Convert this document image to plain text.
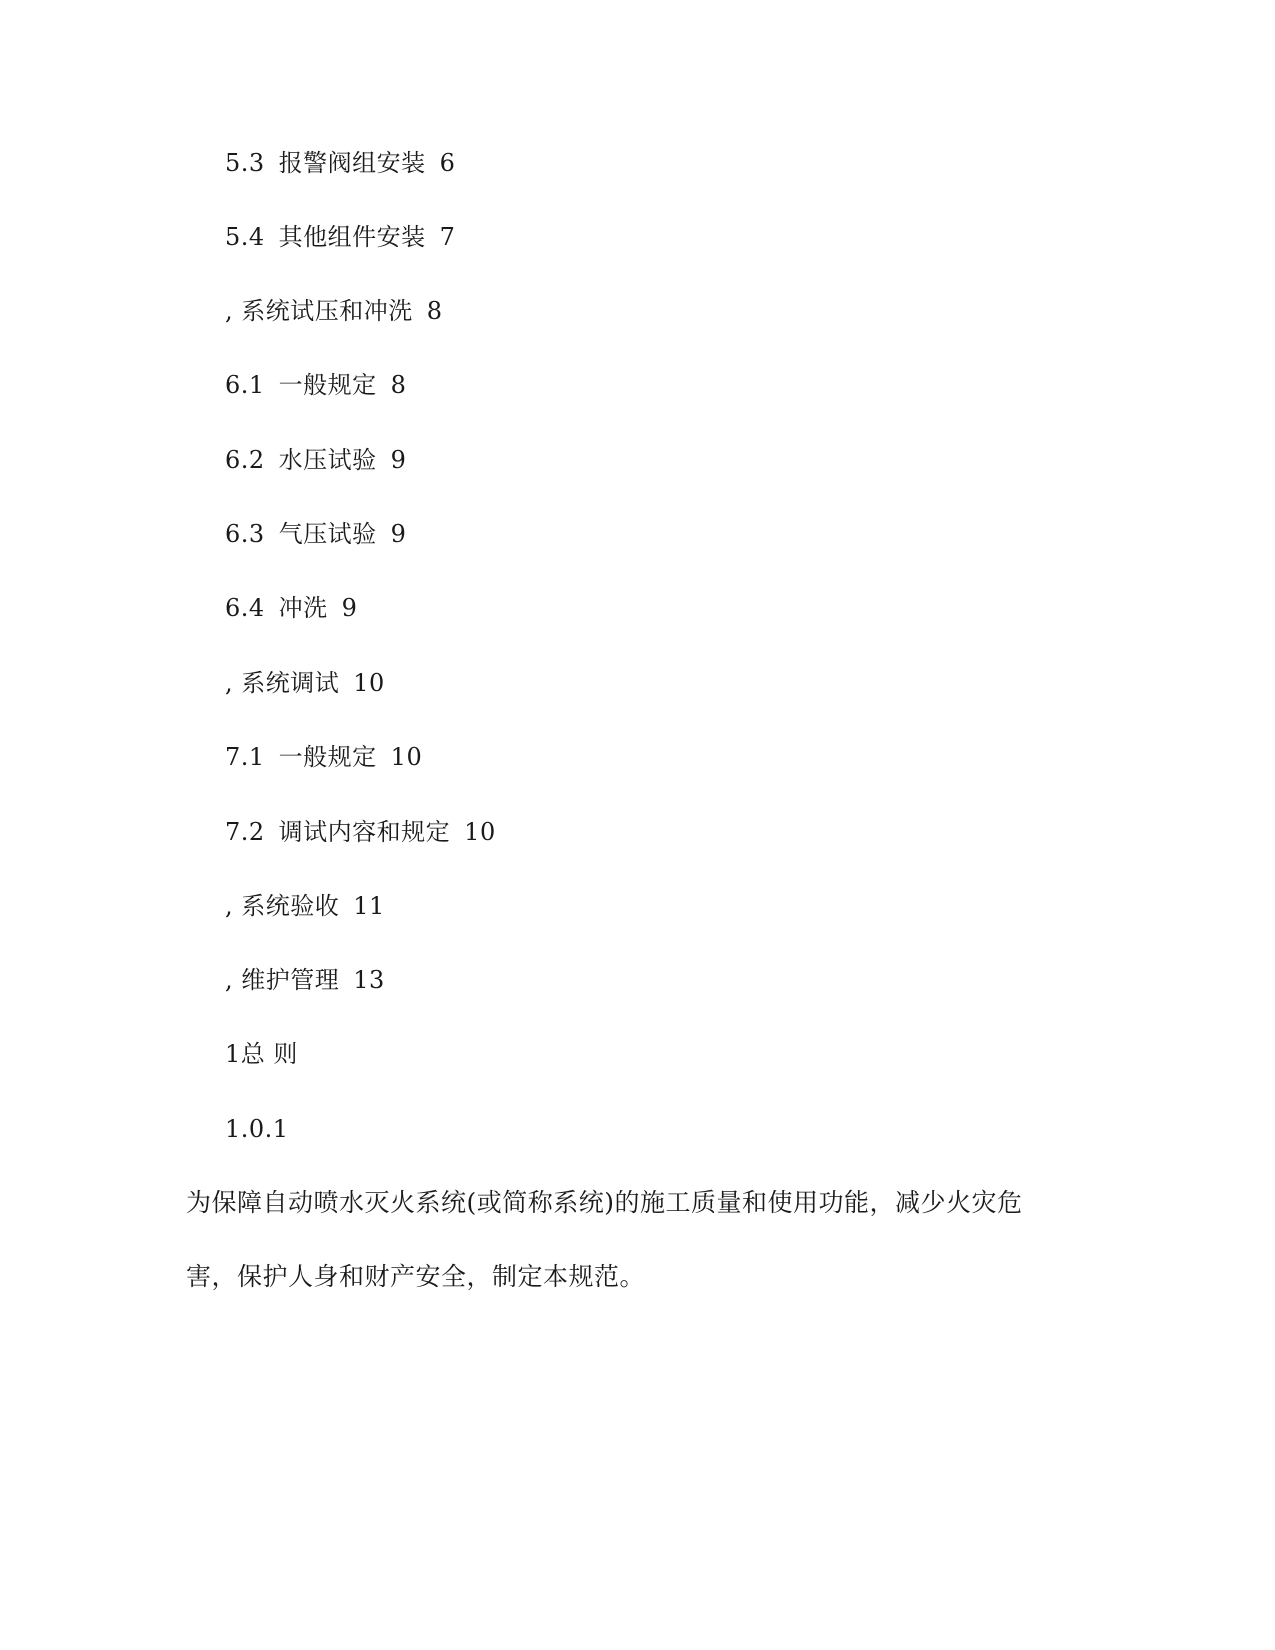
5.3 报警阀组安装 6
5.4 其他组件安装 7
, 系统试压和冲洗 8
6.1 一般规定 8
6.2 水压试验 9
6.3 气压试验 9
6.4 冲洗 9
, 系统调试 10
7.1 一般规定 10
7.2 调试内容和规定 10
, 系统验收 11
, 维护管理 13
1总 则
1.0.1
为保障自动喷水灭火系统(或简称系统)的施工质量和使用功能，减少火灾危
害，保护人身和财产安全，制定本规范。
